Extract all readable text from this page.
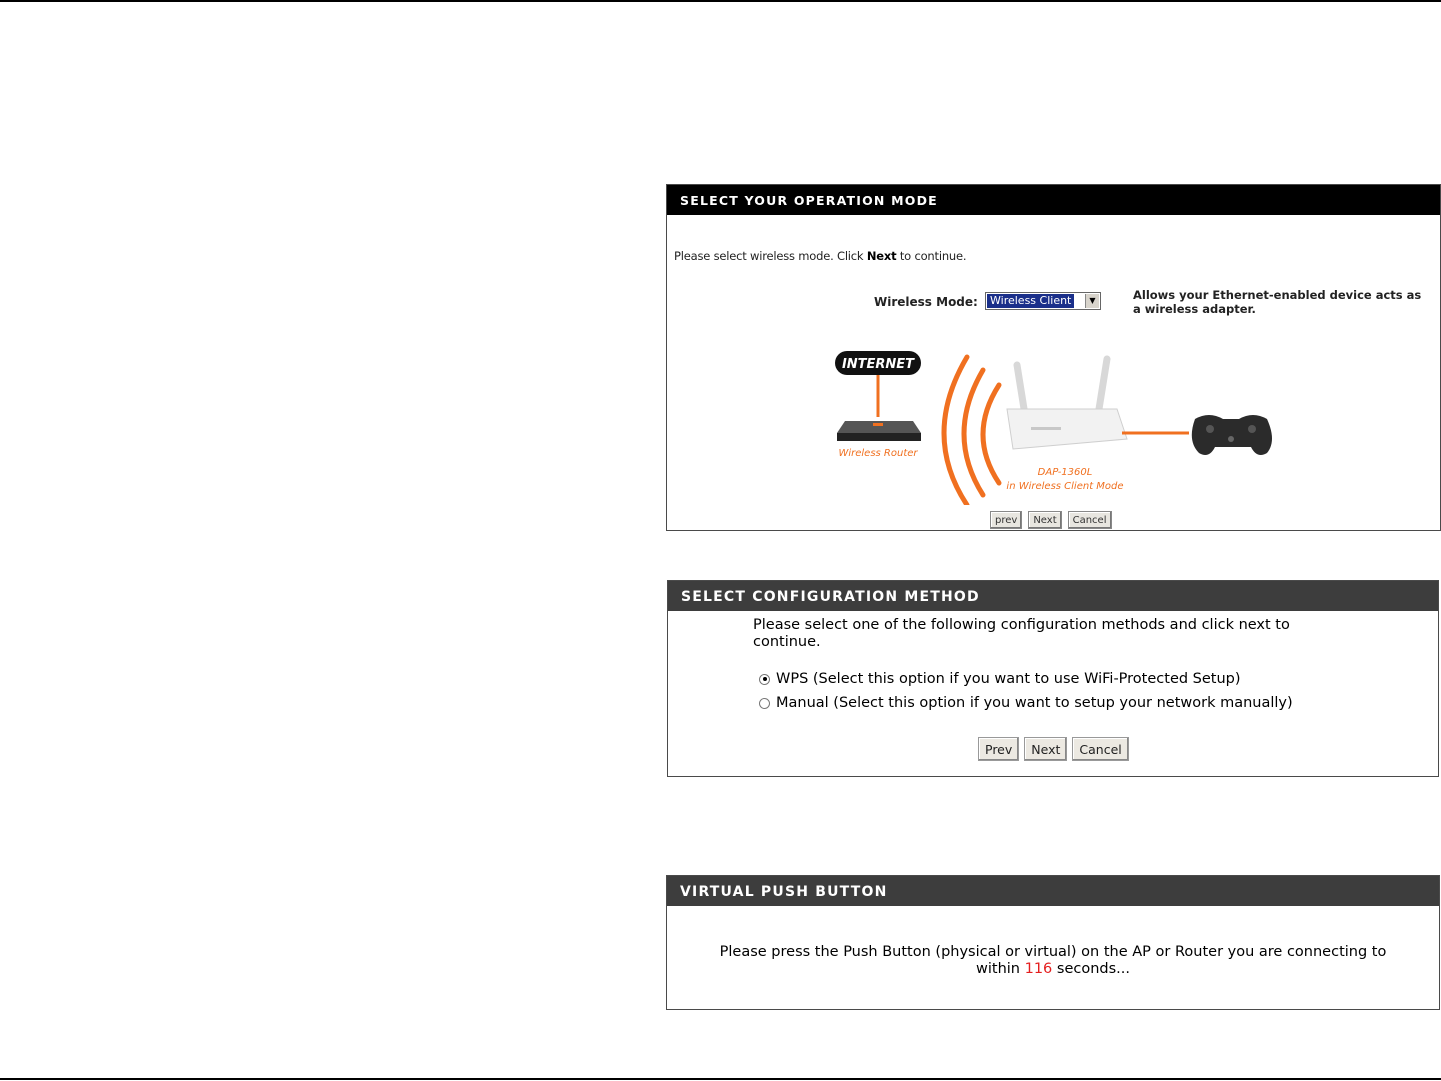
SELECT YOUR OPERATION MODE
Please select wireless mode. Click Next to continue.
Wireless Mode: Wireless Client	▼	Allows your Ethernet-enabled device acts as a wireless adapter.
INTERNET
Wireless Router
DAP-1360L
in Wireless Client Mode
prev	Next	Cancel
SELECT CONFIGURATION METHOD
Please select one of the following configuration methods and click next to continue.
WPS (Select this option if you want to use WiFi-Protected Setup)
Manual (Select this option if you want to setup your network manually)
Prev	Next	Cancel
VIRTUAL PUSH BUTTON
Please press the Push Button (physical or virtual) on the AP or Router you are connecting to
within 116 seconds...
